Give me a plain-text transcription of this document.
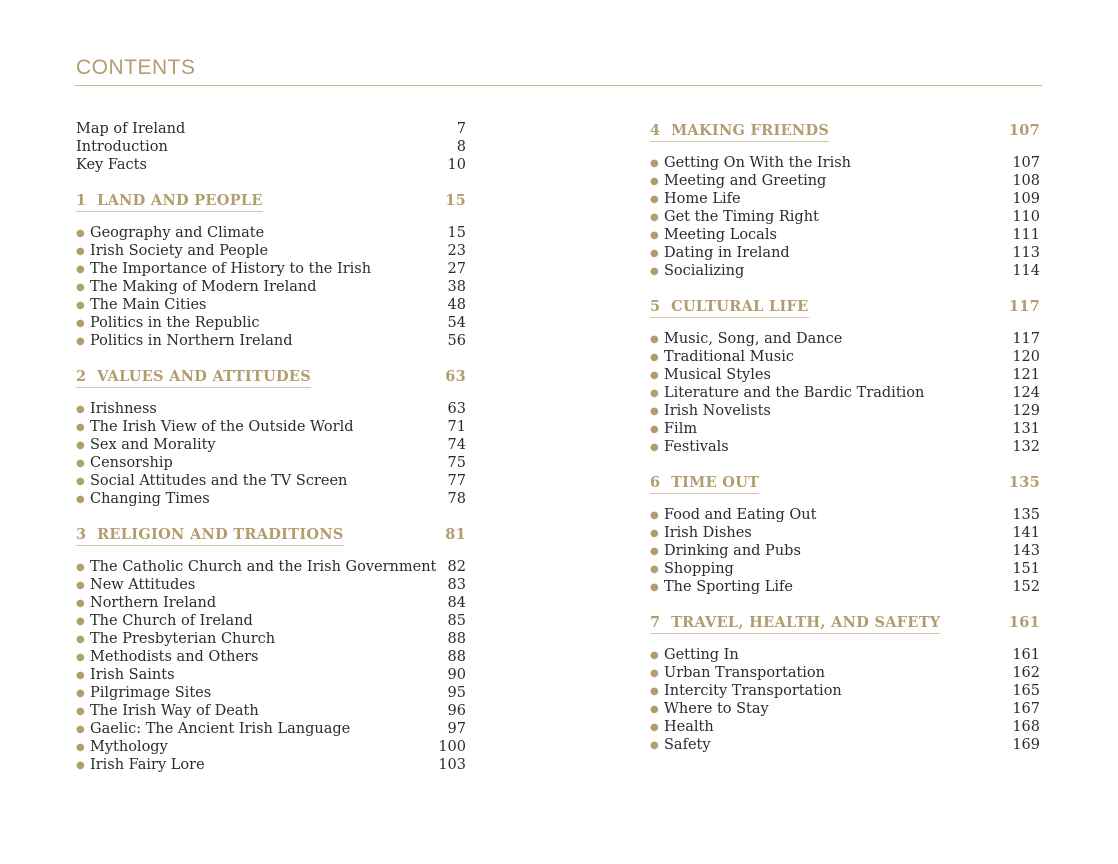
CONTENTS
Map of Ireland	7
Introduction	8
Key Facts	10
1  LAND AND PEOPLE	15
● Geography and Climate	15
● Irish Society and People	23
● The Importance of History to the Irish	27
● The Making of Modern Ireland	38
● The Main Cities	48
● Politics in the Republic	54
● Politics in Northern Ireland	56
2  VALUES AND ATTITUDES	63
● Irishness	63
● The Irish View of the Outside World	71
● Sex and Morality	74
● Censorship	75
● Social Attitudes and the TV Screen	77
● Changing Times	78
3  RELIGION AND TRADITIONS	81
● The Catholic Church and the Irish Government 82
● New Attitudes	83
● Northern Ireland	84
● The Church of Ireland	85
● The Presbyterian Church	88
● Methodists and Others	88
● Irish Saints	90
● Pilgrimage Sites	95
● The Irish Way of Death	96
● Gaelic: The Ancient Irish Language	97
● Mythology	100
● Irish Fairy Lore	103
4  MAKING FRIENDS	107
● Getting On With the Irish	107
● Meeting and Greeting	108
● Home Life	109
● Get the Timing Right	110
● Meeting Locals	111
● Dating in Ireland	113
● Socializing	114
5  CULTURAL LIFE	117
● Music, Song, and Dance	117
● Traditional Music	120
● Musical Styles	121
● Literature and the Bardic Tradition	124
● Irish Novelists	129
● Film	131
● Festivals	132
6  TIME OUT	135
● Food and Eating Out	135
● Irish Dishes	141
● Drinking and Pubs	143
● Shopping	151
● The Sporting Life	152
7  TRAVEL, HEALTH, AND SAFETY	161
● Getting In	161
● Urban Transportation	162
● Intercity Transportation	165
● Where to Stay	167
● Health	168
● Safety	169
